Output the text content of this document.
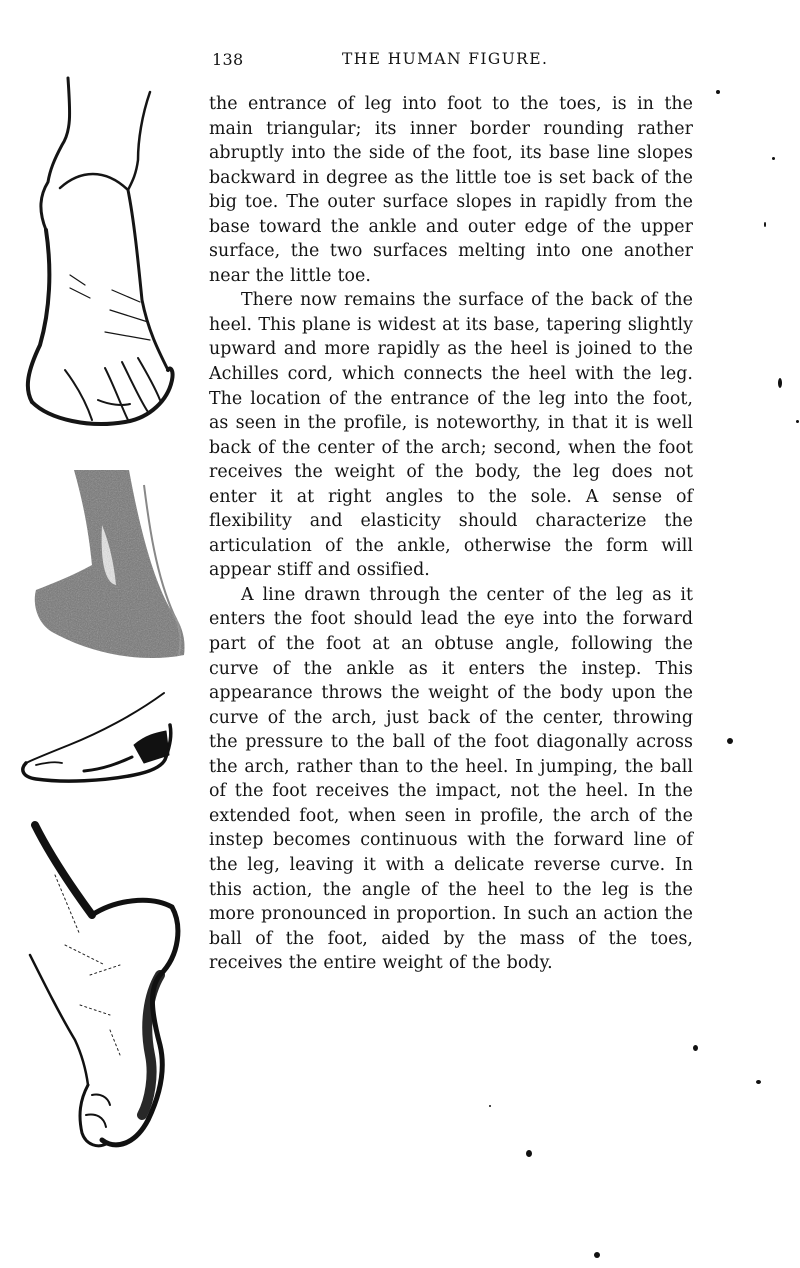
138	THE HUMAN FIGURE.

the entrance of leg into foot to the toes, is in the main triangular; its inner border rounding rather abruptly into the side of the foot, its base line slopes backward in degree as the little toe is set back of the big toe. The outer surface slopes in rapidly from the base toward the ankle and outer edge of the upper surface, the two surfaces melting into one another near the little toe.

There now remains the surface of the back of the heel. This plane is widest at its base, tapering slightly upward and more rapidly as the heel is joined to the Achilles cord, which connects the heel with the leg. The location of the entrance of the leg into the foot, as seen in the profile, is noteworthy, in that it is well back of the center of the arch; second, when the foot receives the weight of the body, the leg does not enter it at right angles to the sole. A sense of flexibility and elasticity should characterize the articulation of the ankle, otherwise the form will appear stiff and ossified.

A line drawn through the center of the leg as it enters the foot should lead the eye into the forward part of the foot at an obtuse angle, following the curve of the ankle as it enters the instep. This appearance throws the weight of the body upon the curve of the arch, just back of the center, throwing the pressure to the ball of the foot diagonally across the arch, rather than to the heel. In jumping, the ball of the foot receives the impact, not the heel. In the extended foot, when seen in profile, the arch of the instep becomes continuous with the forward line of the leg, leaving it with a delicate reverse curve. In this action, the angle of the heel to the leg is the more pronounced in proportion. In such an action the ball of the foot, aided by the mass of the toes, receives the entire weight of the body.
